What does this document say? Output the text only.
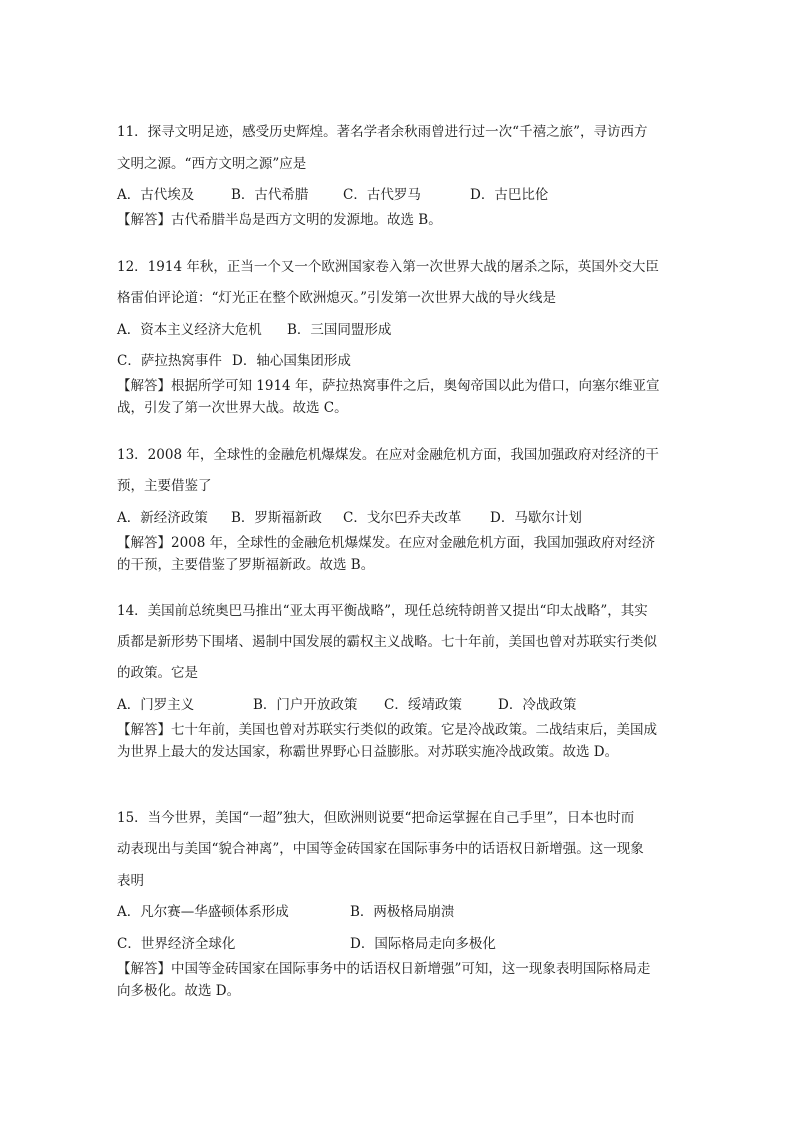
11．探寻文明足迹，感受历史辉煌。著名学者余秋雨曾进行过一次“千禧之旅”，寻访西方
文明之源。“西方文明之源”应是
A．古代埃及	B．古代希腊	C．古代罗马	D．古巴比伦
【解答】古代希腊半岛是西方文明的发源地。故选 B。
12．1914 年秋，正当一个又一个欧洲国家卷入第一次世界大战的屠杀之际，英国外交大臣
格雷伯评论道：“灯光正在整个欧洲熄灭。”引发第一次世界大战的导火线是
A．资本主义经济大危机 B．三国同盟形成
C．萨拉热窝事件 D．轴心国集团形成
【解答】根据所学可知 1914 年，萨拉热窝事件之后，奥匈帝国以此为借口，向塞尔维亚宣
战，引发了第一次世界大战。故选 C。
13．2008 年，全球性的金融危机爆煤发。在应对金融危机方面，我国加强政府对经济的干
预，主要借鉴了
A．新经济政策 B．罗斯福新政 C．戈尔巴乔夫改革 D．马歇尔计划
【解答】2008 年，全球性的金融危机爆煤发。在应对金融危机方面，我国加强政府对经济
的干预，主要借鉴了罗斯福新政。故选 B。
14．美国前总统奥巴马推出“亚太再平衡战略”，现任总统特朗普又提出“印太战略”，其实
质都是新形势下围堵、遏制中国发展的霸权主义战略。七十年前，美国也曾对苏联实行类似
的政策。它是
A．门罗主义	B．门户开放政策 C．绥靖政策	D．冷战政策
【解答】七十年前，美国也曾对苏联实行类似的政策。它是冷战政策。二战结束后，美国成
为世界上最大的发达国家，称霸世界野心日益膨胀。对苏联实施冷战政策。故选 D。
15．当今世界，美国“一超”独大，但欧洲则说要“把命运掌握在自己手里”，日本也时而
动表现出与美国“貌合神离”，中国等金砖国家在国际事务中的话语权日新增强。这一现象
表明
A．凡尔赛—华盛顿体系形成	B．两极格局崩溃
C．世界经济全球化	D．国际格局走向多极化
【解答】中国等金砖国家在国际事务中的话语权日新增强”可知，这一现象表明国际格局走
向多极化。故选 D。
